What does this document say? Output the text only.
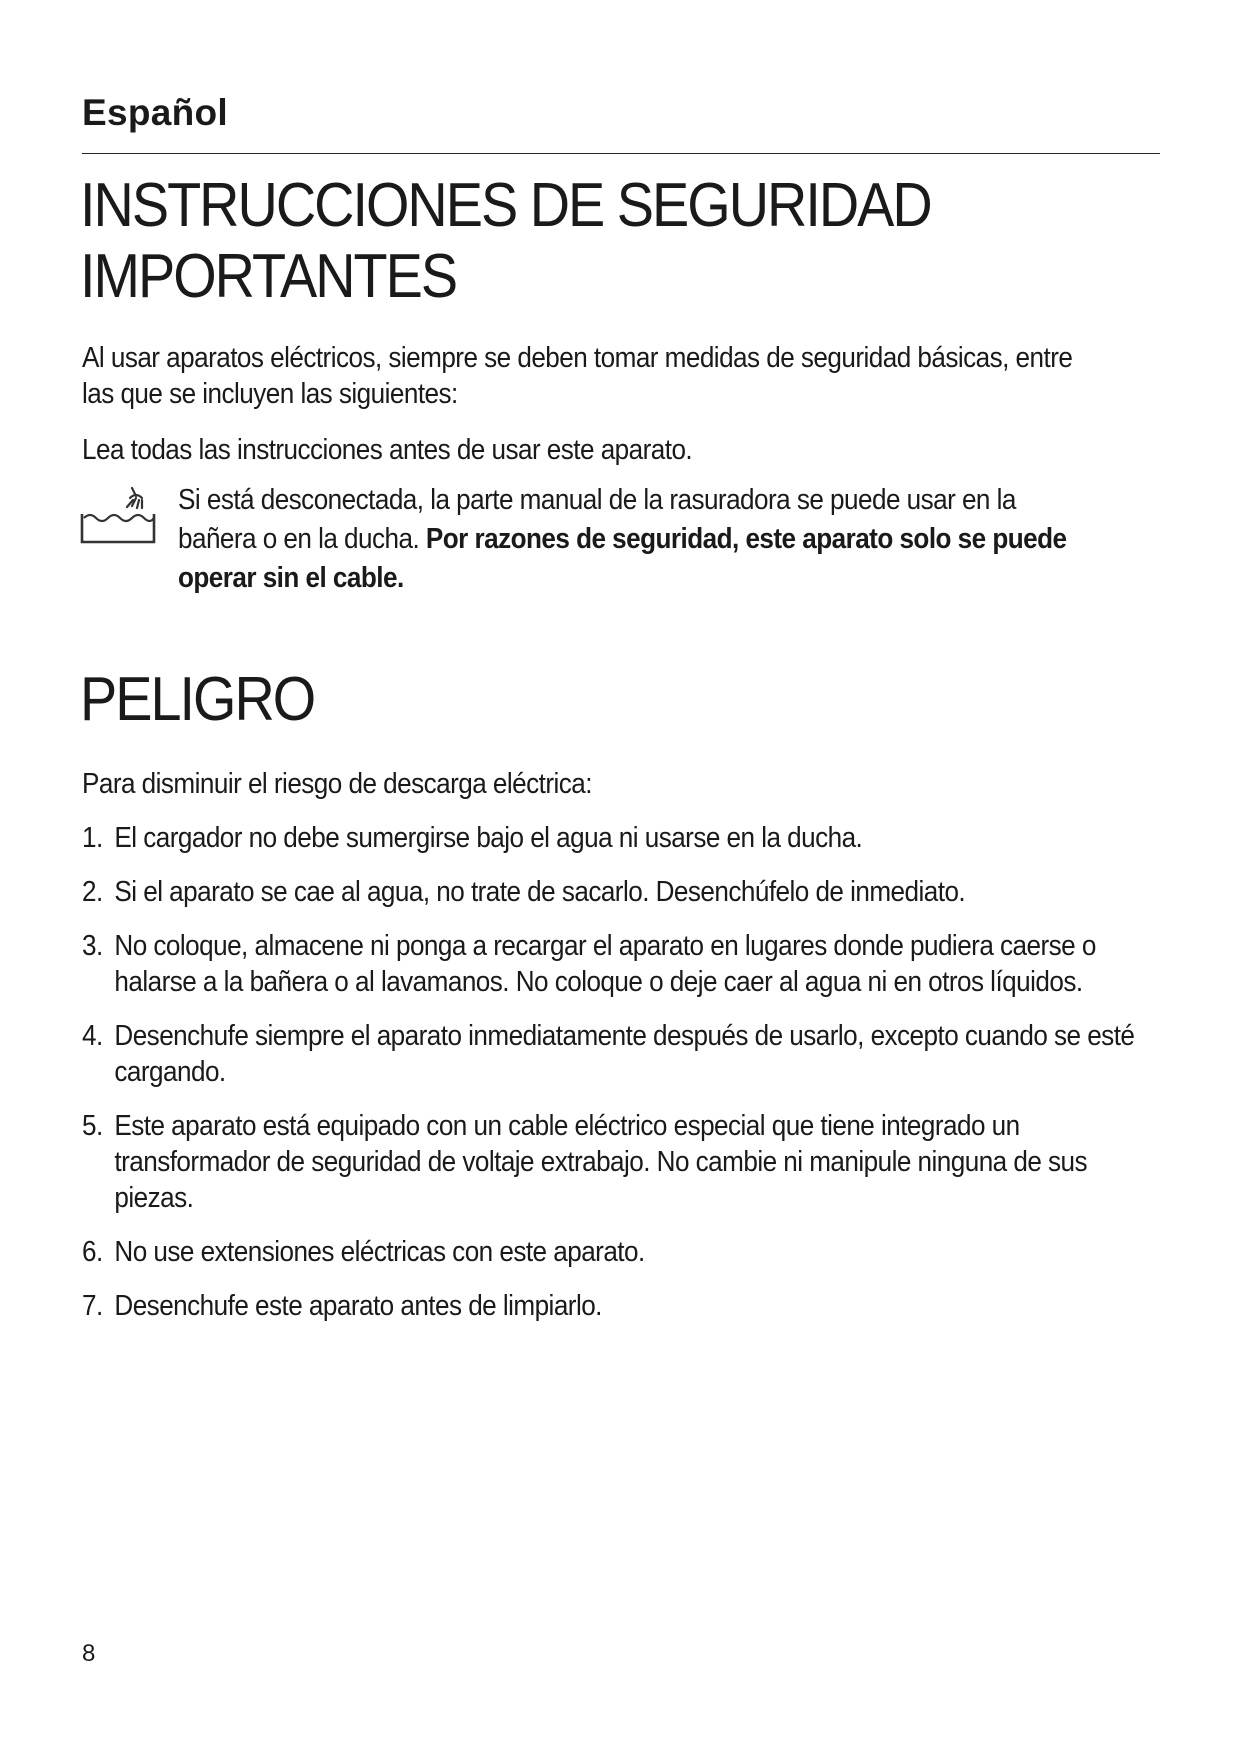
Español
INSTRUCCIONES DE SEGURIDAD IMPORTANTES

Al usar aparatos eléctricos, siempre se deben tomar medidas de seguridad básicas, entre las que se incluyen las siguientes:

Lea todas las instrucciones antes de usar este aparato.

Si está desconectada, la parte manual de la rasuradora se puede usar en la bañera o en la ducha. Por razones de seguridad, este aparato solo se puede operar sin el cable.

PELIGRO

Para disminuir el riesgo de descarga eléctrica:

1. El cargador no debe sumergirse bajo el agua ni usarse en la ducha.
2. Si el aparato se cae al agua, no trate de sacarlo. Desenchúfelo de inmediato.
3. No coloque, almacene ni ponga a recargar el aparato en lugares donde pudiera caerse o halarse a la bañera o al lavamanos. No coloque o deje caer al agua ni en otros líquidos.
4. Desenchufe siempre el aparato inmediatamente después de usarlo, excepto cuando se esté cargando.
5. Este aparato está equipado con un cable eléctrico especial que tiene integrado un transformador de seguridad de voltaje extrabajo. No cambie ni manipule ninguna de sus piezas.
6. No use extensiones eléctricas con este aparato.
7. Desenchufe este aparato antes de limpiarlo.

8
